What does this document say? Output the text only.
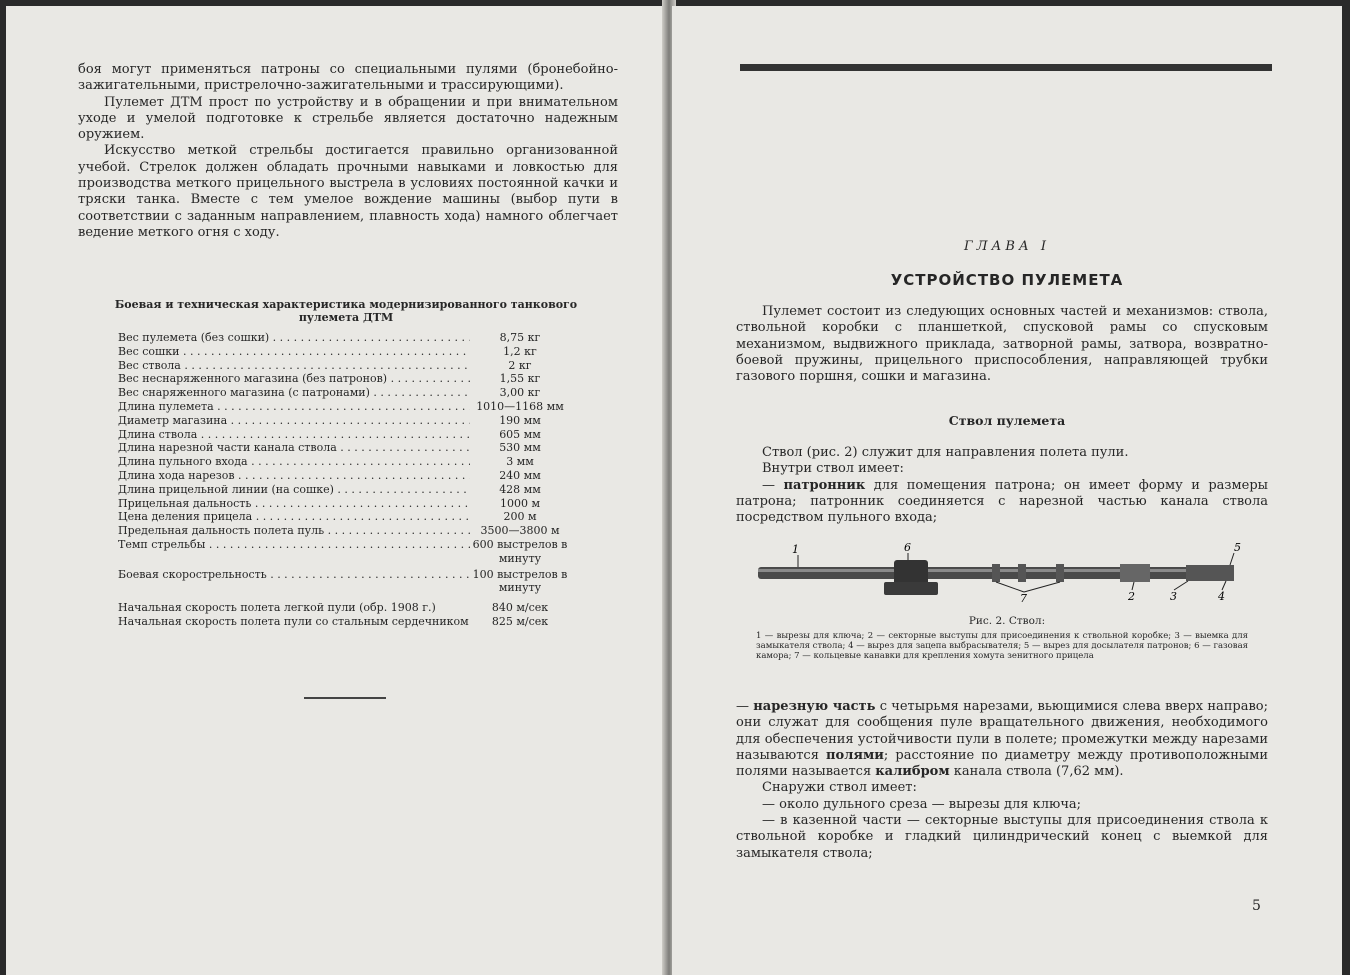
боя могут применяться патроны со специальными пулями (бронебойно-зажигательными, пристрелочно-зажигательными и трассирующими).

Пулемет ДТМ прост по устройству и в обращении и при внимательном уходе и умелой подготовке к стрельбе является достаточно надежным оружием.

Искусство меткой стрельбы достигается правильно организованной учебой. Стрелок должен обладать прочными навыками и ловкостью для производства меткого прицельного выстрела в условиях постоянной качки и тряски танка. Вместе с тем умелое вождение машины (выбор пути в соответствии с заданным направлением, плавность хода) намного облегчает ведение меткого огня с ходу.

Боевая и техническая характеристика модернизированного танкового пулемета ДТМ
Вес пулемета (без сошки) . . .	8,75 кг
Вес сошки . . .	1,2 кг
Вес ствола . . .	2 кг
Вес неснаряженного магазина (без патронов) . . .	1,55 кг
Вес снаряженного магазина (с патронами) . . .	3,00 кг
Длина пулемета . . .	1010—1168 мм
Диаметр магазина . . .	190 мм
Длина ствола . . .	605 мм
Длина нарезной части канала ствола . . .	530 мм
Длина пульного входа . . .	3 мм
Длина хода нарезов . . .	240 мм
Длина прицельной линии (на сошке) . . .	428 мм
Прицельная дальность . . .	1000 м
Цена деления прицела . . .	200 м
Предельная дальность полета пуль . . .	3500—3800 м
Темп стрельбы . . .	600 выстрелов в минуту
Боевая скорострельность . . .	100 выстрелов в минуту
Начальная скорость полета легкой пули (обр. 1908 г.)	840 м/сек
Начальная скорость полета пули со стальным сердечником	825 м/сек
ГЛАВА I
УСТРОЙСТВО ПУЛЕМЕТА

Пулемет состоит из следующих основных частей и механизмов: ствола, ствольной коробки с планшеткой, спусковой рамы со спусковым механизмом, выдвижного приклада, затворной рамы, затвора, возвратно-боевой пружины, прицельного приспособления, направляющей трубки газового поршня, сошки и магазина.

Ствол пулемета

Ствол (рис. 2) служит для направления полета пули.

Внутри ствол имеет:

— патронник для помещения патрона; он имеет форму и размеры патрона; патронник соединяется с нарезной частью канала ствола посредством пульного входа;

1
2	3	4
5
6
7
Рис. 2. Ствол:
1 — вырезы для ключа; 2 — секторные выступы для присоединения к ствольной коробке; 3 — выемка для замыкателя ствола; 4 — вырез для зацепа выбрасывателя; 5 — вырез для досылателя патронов; 6 — газовая камора; 7 — кольцевые канавки для крепления хомута зенитного прицела

— нарезную часть с четырьмя нарезами, вьющимися слева вверх направо; они служат для сообщения пуле вращательного движения, необходимого для обеспечения устойчивости пули в полете; промежутки между нарезами называются полями; расстояние по диаметру между противоположными полями называется калибром канала ствола (7,62 мм).

Снаружи ствол имеет:

— около дульного среза — вырезы для ключа;

— в казенной части — секторные выступы для присоединения ствола к ствольной коробке и гладкий цилиндрический конец с выемкой для замыкателя ствола;

5
